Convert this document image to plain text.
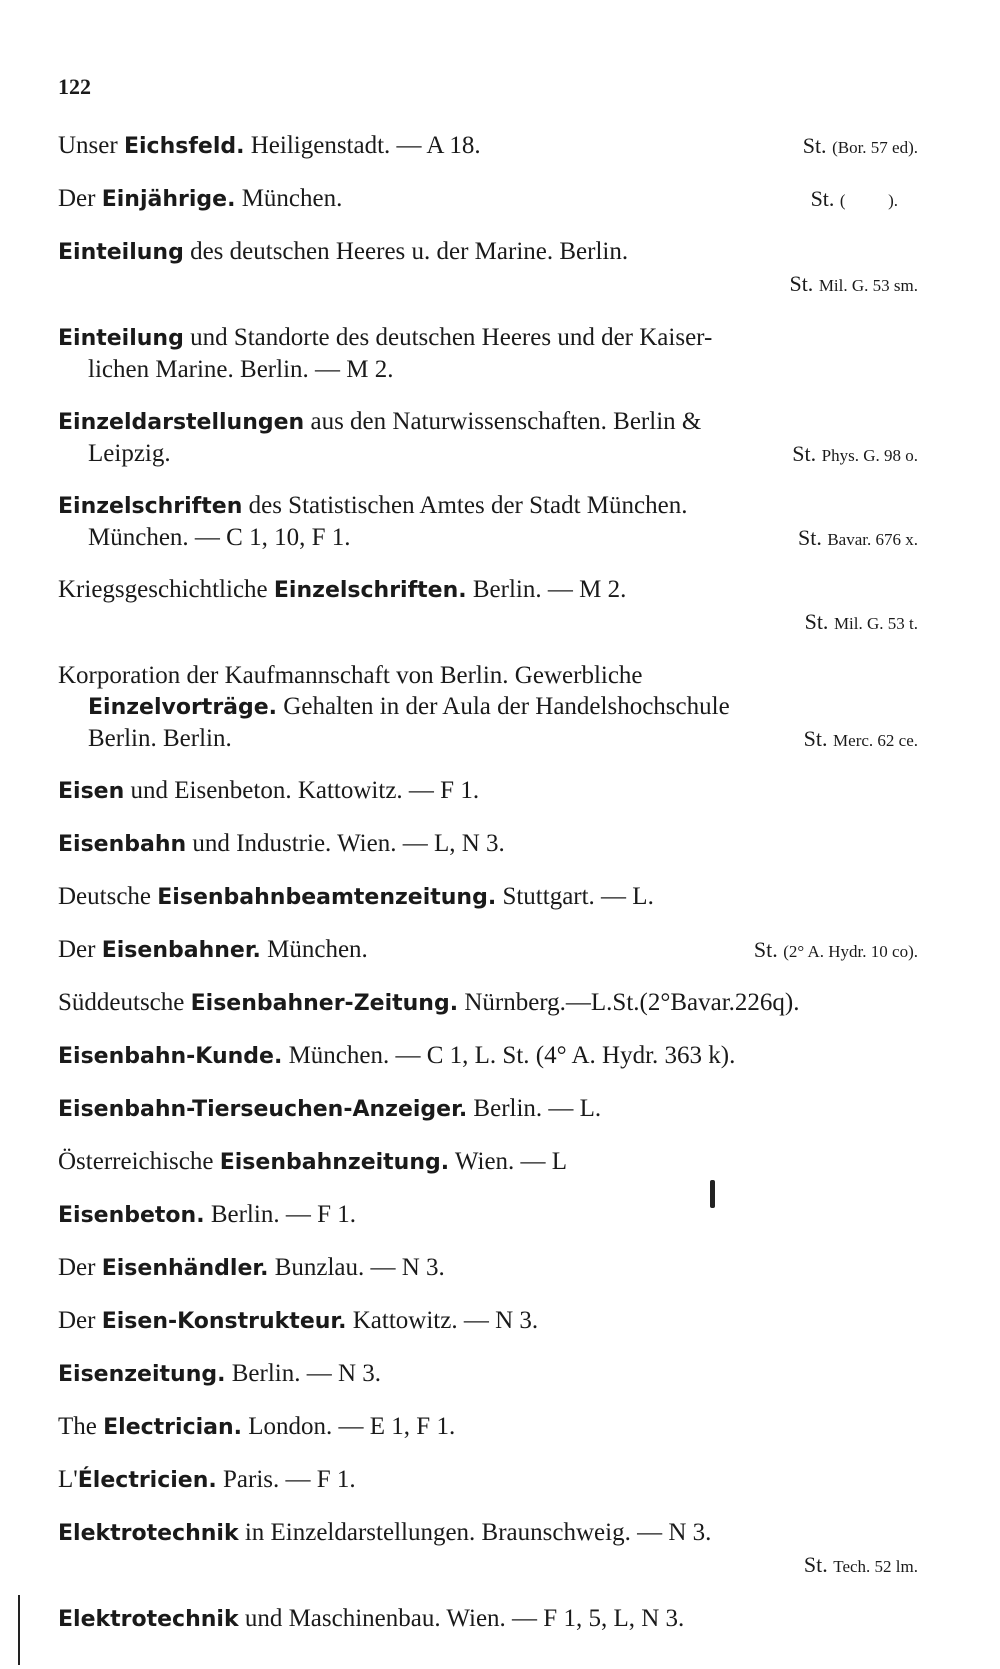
122
Unser Eichsfeld. Heiligenstadt. — A 18.	St. (Bor. 57 ed).
Der Einjährige. München.	St. (          ).
Einteilung des deutschen Heeres u. der Marine. Berlin.
St. Mil. G. 53 sm.
Einteilung und Standorte des deutschen Heeres und der Kaiser-
lichen Marine. Berlin. — M 2.
Einzeldarstellungen aus den Naturwissenschaften. Berlin &
Leipzig.	St. Phys. G. 98 o.
Einzelschriften des Statistischen Amtes der Stadt München.
München. — C 1, 10, F 1.	St. Bavar. 676 x.
Kriegsgeschichtliche Einzelschriften. Berlin. — M 2.
St. Mil. G. 53 t.
Korporation der Kaufmannschaft von Berlin. Gewerbliche
Einzelvorträge. Gehalten in der Aula der Handelshochschule
Berlin. Berlin.	St. Merc. 62 ce.
Eisen und Eisenbeton. Kattowitz. — F 1.
Eisenbahn und Industrie. Wien. — L, N 3.
Deutsche Eisenbahnbeamtenzeitung. Stuttgart. — L.
Der Eisenbahner. München.	St. (2° A. Hydr. 10 co).
Süddeutsche Eisenbahner-Zeitung. Nürnberg.—L.St.(2°Bavar.226q).
Eisenbahn-Kunde. München. — C 1, L. St. (4° A. Hydr. 363 k).
Eisenbahn-Tierseuchen-Anzeiger. Berlin. — L.
Österreichische Eisenbahnzeitung. Wien. — L
Eisenbeton. Berlin. — F 1.
Der Eisenhändler. Bunzlau. — N 3.
Der Eisen-Konstrukteur. Kattowitz. — N 3.
Eisenzeitung. Berlin. — N 3.
The Electrician. London. — E 1, F 1.
L'Électricien. Paris. — F 1.
Elektrotechnik in Einzeldarstellungen. Braunschweig. — N 3.
St. Tech. 52 lm.
Elektrotechnik und Maschinenbau. Wien. — F 1, 5, L, N 3.
